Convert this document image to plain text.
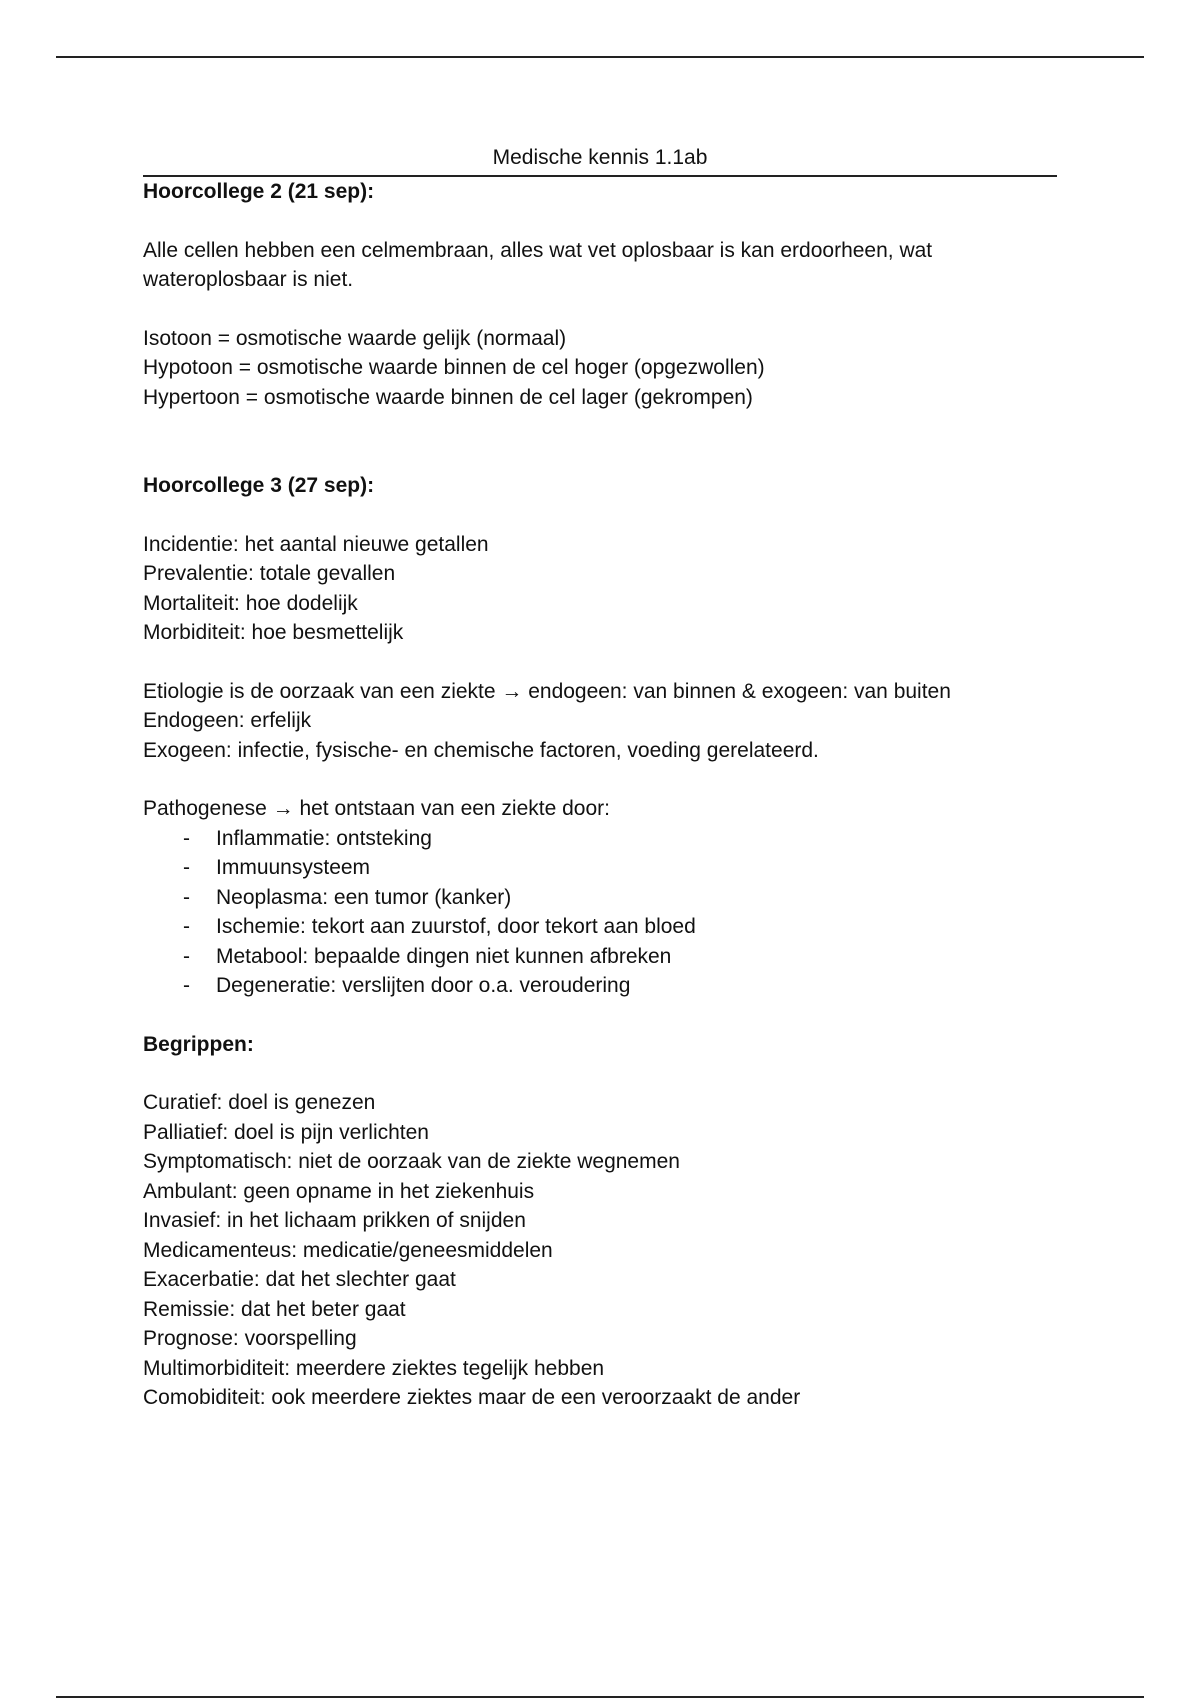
Medische kennis 1.1ab

Hoorcollege 2 (21 sep):

Alle cellen hebben een celmembraan, alles wat vet oplosbaar is kan erdoorheen, wat

wateroplosbaar is niet.

Isotoon = osmotische waarde gelijk (normaal)

Hypotoon = osmotische waarde binnen de cel hoger (opgezwollen)

Hypertoon = osmotische waarde binnen de cel lager (gekrompen)

Hoorcollege 3 (27 sep):

Incidentie: het aantal nieuwe getallen

Prevalentie: totale gevallen

Mortaliteit: hoe dodelijk

Morbiditeit: hoe besmettelijk

Etiologie is de oorzaak van een ziekte → endogeen: van binnen & exogeen: van buiten

Endogeen: erfelijk

Exogeen: infectie, fysische- en chemische factoren, voeding gerelateerd.

Pathogenese → het ontstaan van een ziekte door:

- Inflammatie: ontsteking
- Immuunsysteem
- Neoplasma: een tumor (kanker)
- Ischemie: tekort aan zuurstof, door tekort aan bloed
- Metabool: bepaalde dingen niet kunnen afbreken
- Degeneratie: verslijten door o.a. veroudering

Begrippen:

Curatief: doel is genezen

Palliatief: doel is pijn verlichten

Symptomatisch: niet de oorzaak van de ziekte wegnemen

Ambulant: geen opname in het ziekenhuis

Invasief: in het lichaam prikken of snijden

Medicamenteus: medicatie/geneesmiddelen

Exacerbatie: dat het slechter gaat

Remissie: dat het beter gaat

Prognose: voorspelling

Multimorbiditeit: meerdere ziektes tegelijk hebben

Comobiditeit: ook meerdere ziektes maar de een veroorzaakt de ander
